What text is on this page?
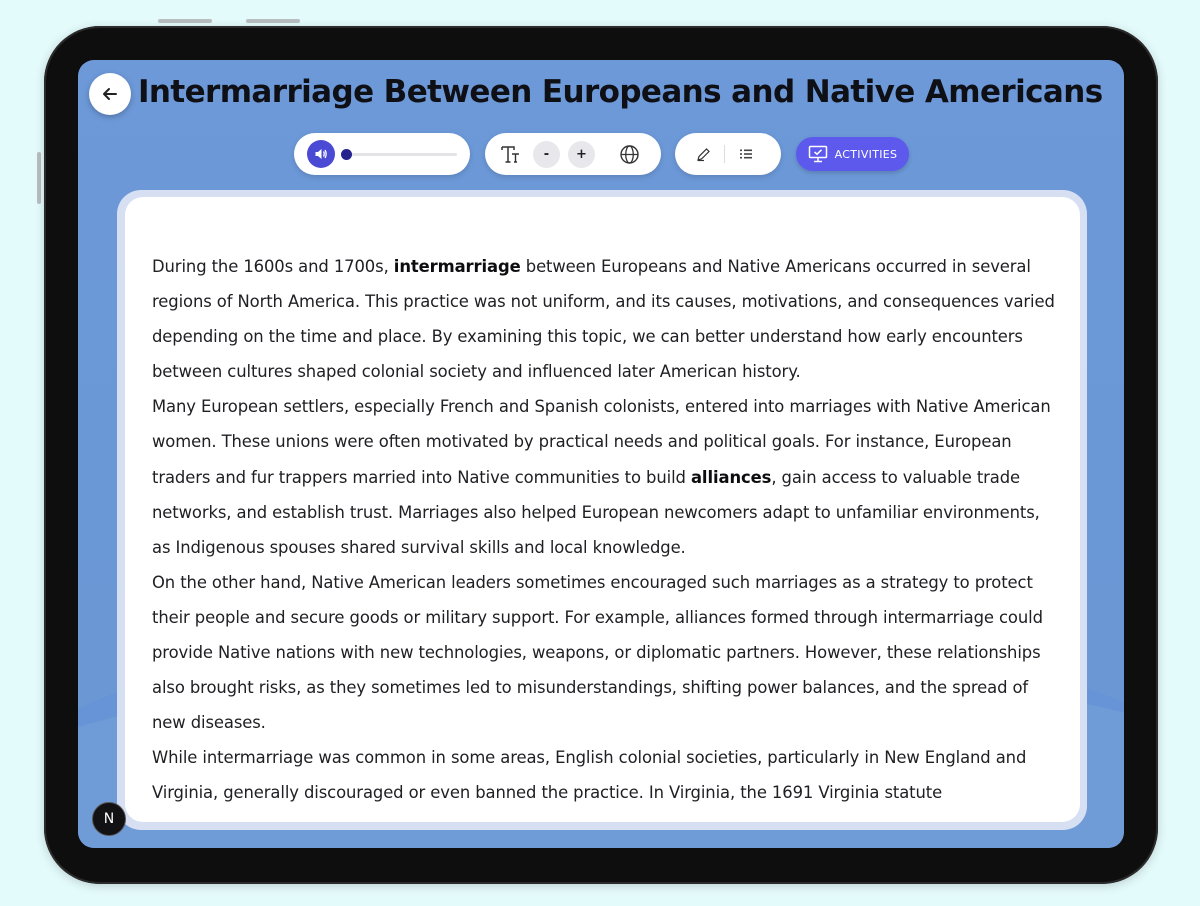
Intermarriage Between Europeans and Native Americans
-	+	ACTIVITIES

During the 1600s and 1700s, intermarriage between Europeans and Native Americans occurred in several regions of North America. This practice was not uniform, and its causes, motivations, and consequences varied depending on the time and place. By examining this topic, we can better understand how early encounters between cultures shaped colonial society and influenced later American history.

Many European settlers, especially French and Spanish colonists, entered into marriages with Native American women. These unions were often motivated by practical needs and political goals. For instance, European traders and fur trappers married into Native communities to build alliances, gain access to valuable trade networks, and establish trust. Marriages also helped European newcomers adapt to unfamiliar environments, as Indigenous spouses shared survival skills and local knowledge.

On the other hand, Native American leaders sometimes encouraged such marriages as a strategy to protect their people and secure goods or military support. For example, alliances formed through intermarriage could provide Native nations with new technologies, weapons, or diplomatic partners. However, these relationships also brought risks, as they sometimes led to misunderstandings, shifting power balances, and the spread of new diseases.

While intermarriage was common in some areas, English colonial societies, particularly in New England and Virginia, generally discouraged or even banned the practice. In Virginia, the 1691 Virginia statute

N
